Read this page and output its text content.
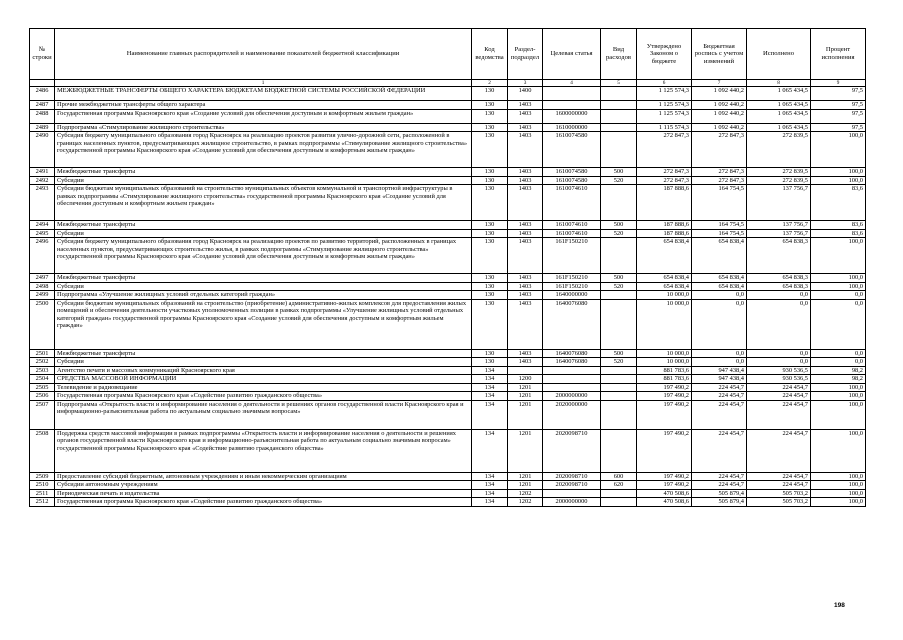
№ строки	Наименование главных распорядителей и наименование показателей бюджетной классификации	Код ведомства	Раздел-подраздел	Целевая статья	Вид расходов	Утверждено Законом о бюджете	Бюджетная роспись с учетом изменений	Исполнено	Процент исполнения
	1	2	3	4	5	6	7	8	9
2486	МЕЖБЮДЖЕТНЫЕ ТРАНСФЕРТЫ ОБЩЕГО ХАРАКТЕРА БЮДЖЕТАМ БЮДЖЕТНОЙ СИСТЕМЫ РОССИЙСКОЙ ФЕДЕРАЦИИ	130	1400			1 125 574,3	1 092 440,2	1 065 434,5	97,5
2487	Прочие межбюджетные трансферты общего характера	130	1403			1 125 574,3	1 092 440,2	1 065 434,5	97,5
2488	Государственная программа Красноярского края «Создание условий для обеспечения доступным и комфортным жильем граждан»	130	1403	1600000000		1 125 574,3	1 092 440,2	1 065 434,5	97,5
2489	Подпрограмма «Стимулирование жилищного строительства»	130	1403	1610000000		1 115 574,3	1 092 440,2	1 065 434,5	97,5
2490	Субсидия бюджету муниципального образования город Красноярск на реализацию проектов развития улично-дорожной сети, расположенной в границах населенных пунктов, предусматривающих жилищное строительство, в рамках подпрограммы «Стимулирование жилищного строительства» государственной программы Красноярского края «Создание условий для обеспечения доступным и комфортным жильем граждан»	130	1403	1610074580		272 847,3	272 847,3	272 839,5	100,0
2491	Межбюджетные трансферты	130	1403	1610074580	500	272 847,3	272 847,3	272 839,5	100,0
2492	Субсидии	130	1403	1610074580	520	272 847,3	272 847,3	272 839,5	100,0
2493	Субсидии бюджетам муниципальных образований на строительство муниципальных объектов коммунальной и транспортной инфраструктуры в рамках подпрограммы «Стимулирование жилищного строительства» государственной программы Красноярского края «Создание условий для обеспечения доступным и комфортным жильем граждан»	130	1403	1610074610		187 888,6	164 754,5	137 756,7	83,6
2494	Межбюджетные трансферты	130	1403	1610074610	500	187 888,6	164 754,5	137 756,7	83,6
2495	Субсидии	130	1403	1610074610	520	187 888,6	164 754,5	137 756,7	83,6
2496	Субсидия бюджету муниципального образования город Красноярск на реализацию проектов по развитию территорий, расположенных в границах населенных пунктов, предусматривающих строительство жилья, в рамках подпрограммы «Стимулирование жилищного строительства» государственной программы Красноярского края «Создание условий для обеспечения доступным и комфортным жильем граждан»	130	1403	161F150210		654 838,4	654 838,4	654 838,3	100,0
2497	Межбюджетные трансферты	130	1403	161F150210	500	654 838,4	654 838,4	654 838,3	100,0
2498	Субсидии	130	1403	161F150210	520	654 838,4	654 838,4	654 838,3	100,0
2499	Подпрограмма «Улучшение жилищных условий отдельных категорий граждан»	130	1403	1640000000		10 000,0	0,0	0,0	0,0
2500	Субсидии бюджетам муниципальных образований на строительство (приобретение) административно-жилых комплексов для предоставления жилых помещений и обеспечения деятельности участковых уполномоченных полиции в рамках подпрограммы «Улучшение жилищных условий отдельных категорий граждан» государственной программы Красноярского края «Создание условий для обеспечения доступным и комфортным жильем граждан»	130	1403	1640076080		10 000,0	0,0	0,0	0,0
2501	Межбюджетные трансферты	130	1403	1640076080	500	10 000,0	0,0	0,0	0,0
2502	Субсидии	130	1403	1640076080	520	10 000,0	0,0	0,0	0,0
2503	Агентство печати и массовых коммуникаций Красноярского края	134				881 783,6	947 438,4	930 536,5	98,2
2504	СРЕДСТВА МАССОВОЙ ИНФОРМАЦИИ	134	1200			881 783,6	947 438,4	930 536,5	98,2
2505	Телевидение и радиовещание	134	1201			197 490,2	224 454,7	224 454,7	100,0
2506	Государственная программа Красноярского края «Содействие развитию гражданского общества»	134	1201	2000000000		197 490,2	224 454,7	224 454,7	100,0
2507	Подпрограмма «Открытость власти и информирование населения о деятельности и решениях органов государственной власти Красноярского края и информационно-разъяснительная работа по актуальным социально значимым вопросам»	134	1201	2020000000		197 490,2	224 454,7	224 454,7	100,0
2508	Поддержка средств массовой информации в рамках подпрограммы «Открытость власти и информирование населения о деятельности и решениях органов государственной власти Красноярского края и информационно-разъяснительная работа по актуальным социально значимым вопросам» государственной программы Красноярского края «Содействие развитию гражданского общества»	134	1201	2020098710		197 490,2	224 454,7	224 454,7	100,0
2509	Предоставление субсидий бюджетным, автономным учреждениям и иным некоммерческим организациям	134	1201	2020098710	600	197 490,2	224 454,7	224 454,7	100,0
2510	Субсидии автономным учреждениям	134	1201	2020098710	620	197 490,2	224 454,7	224 454,7	100,0
2511	Периодическая печать и издательства	134	1202			470 508,6	505 879,4	505 703,2	100,0
2512	Государственная программа Красноярского края «Содействие развитию гражданского общества»	134	1202	2000000000		470 508,6	505 879,4	505 703,2	100,0
198
